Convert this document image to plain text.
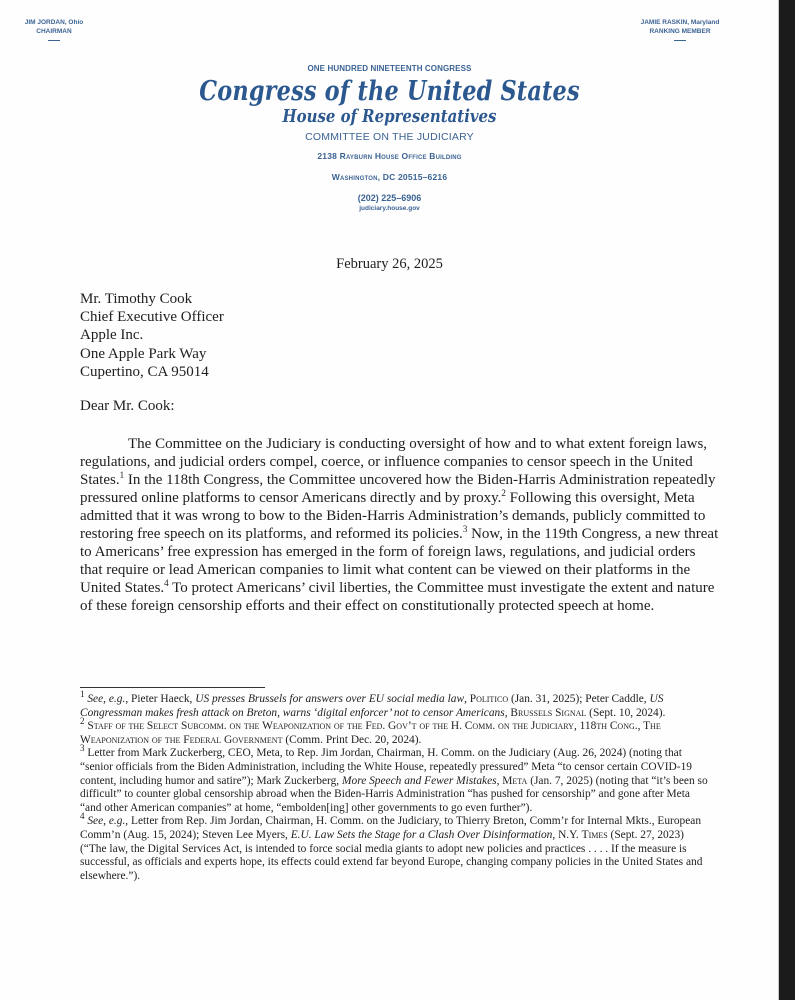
JIM JORDAN, Ohio
CHAIRMAN
JAMIE RASKIN, Maryland
RANKING MEMBER
ONE HUNDRED NINETEENTH CONGRESS
Congress of the United States
House of Representatives
COMMITTEE ON THE JUDICIARY
2138 Rayburn House Office Building
Washington, DC 20515–6216
(202) 225–6906
judiciary.house.gov
February 26, 2025
Mr. Timothy Cook
Chief Executive Officer
Apple Inc.
One Apple Park Way
Cupertino, CA 95014
Dear Mr. Cook:

The Committee on the Judiciary is conducting oversight of how and to what extent foreign laws, regulations, and judicial orders compel, coerce, or influence companies to censor speech in the United States.$^1$ In the 118th Congress, the Committee uncovered how the Biden-Harris Administration repeatedly pressured online platforms to censor Americans directly and by proxy.$^2$ Following this oversight, Meta admitted that it was wrong to bow to the Biden-Harris Administration’s demands, publicly committed to restoring free speech on its platforms, and reformed its policies.$^3$ Now, in the 119th Congress, a new threat to Americans’ free expression has emerged in the form of foreign laws, regulations, and judicial orders that require or lead American companies to limit what content can be viewed on their platforms in the United States.$^4$ To protect Americans’ civil liberties, the Committee must investigate the extent and nature of these foreign censorship efforts and their effect on constitutionally protected speech at home.

$^1$ See, e.g., Pieter Haeck, US presses Brussels for answers over EU social media law, Politico (Jan. 31, 2025); Peter Caddle, US Congressman makes fresh attack on Breton, warns ‘digital enforcer’ not to censor Americans, Brussels Signal (Sept. 10, 2024).

$^2$ Staff of the Select Subcomm. on the Weaponization of the Fed. Gov’t of the H. Comm. on the Judiciary, 118th Cong., The Weaponization of the Federal Government (Comm. Print Dec. 20, 2024).

$^3$ Letter from Mark Zuckerberg, CEO, Meta, to Rep. Jim Jordan, Chairman, H. Comm. on the Judiciary (Aug. 26, 2024) (noting that “senior officials from the Biden Administration, including the White House, repeatedly pressured” Meta “to censor certain COVID-19 content, including humor and satire”); Mark Zuckerberg, More Speech and Fewer Mistakes, Meta (Jan. 7, 2025) (noting that “it’s been so difficult” to counter global censorship abroad when the Biden-Harris Administration “has pushed for censorship” and gone after Meta “and other American companies” at home, “embolden[ing] other governments to go even further”).

$^4$ See, e.g., Letter from Rep. Jim Jordan, Chairman, H. Comm. on the Judiciary, to Thierry Breton, Comm’r for Internal Mkts., European Comm’n (Aug. 15, 2024); Steven Lee Myers, E.U. Law Sets the Stage for a Clash Over Disinformation, N.Y. Times (Sept. 27, 2023) (“The law, the Digital Services Act, is intended to force social media giants to adopt new policies and practices . . . . If the measure is successful, as officials and experts hope, its effects could extend far beyond Europe, changing company policies in the United States and elsewhere.”).
